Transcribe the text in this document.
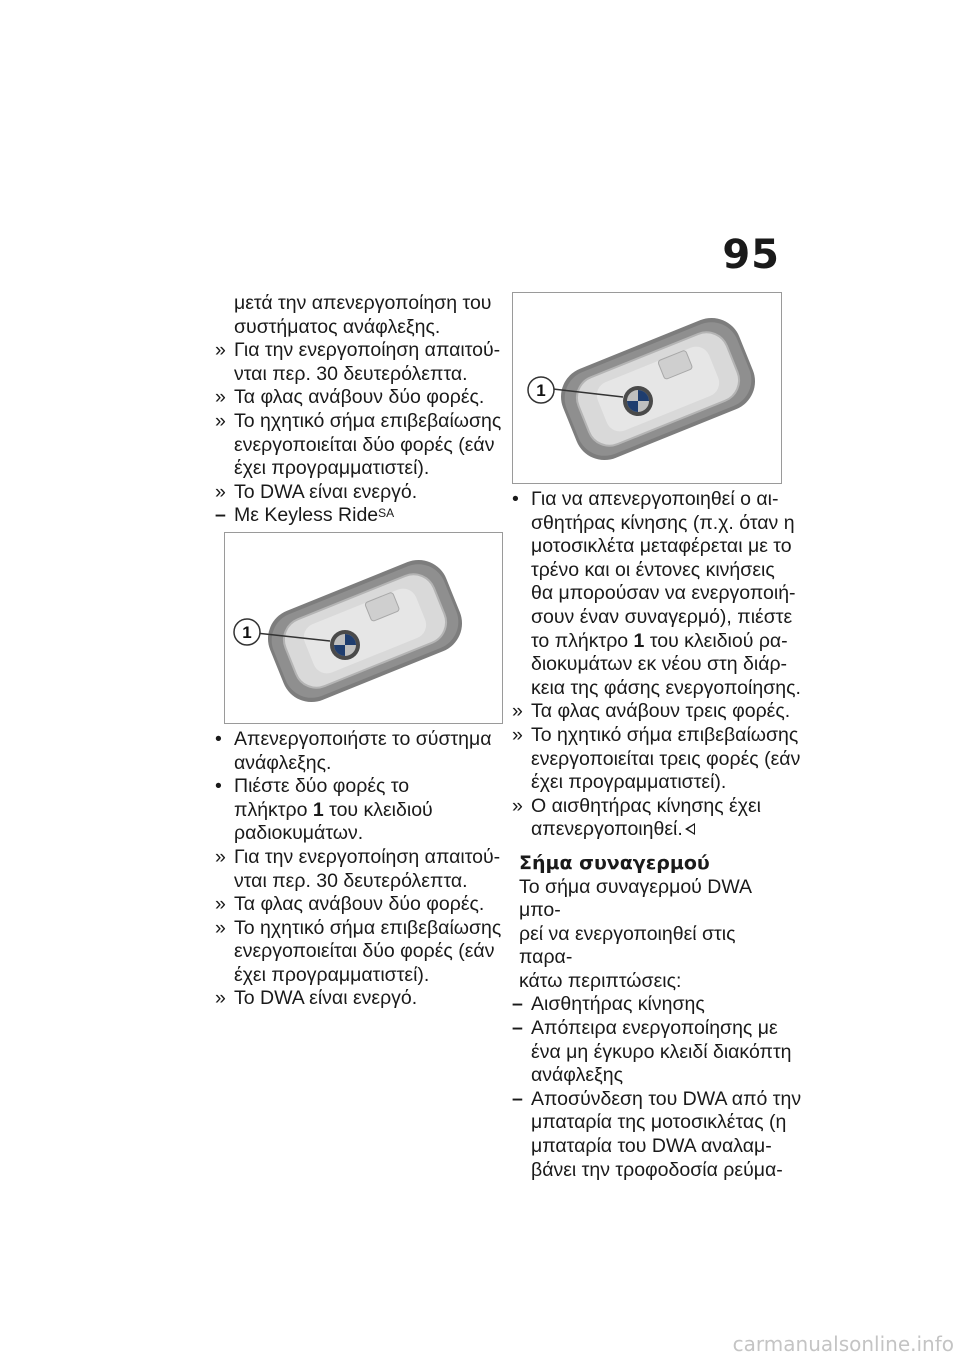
95
μετά την απενεργοποίηση του
συστήματος ανάφλεξης.
»
Για την ενεργοποίηση απαιτού-
νται περ. 30 δευτερόλεπτα.
»
Τα φλας ανάβουν δύο φορές.
»
Το ηχητικό σήμα επιβεβαίωσης
ενεργοποιείται δύο φορές (εάν
έχει προγραμματιστεί).
»
Το DWA είναι ενεργό.
–
Με Keyless Ride$^{SA}$
1
•
Απενεργοποιήστε το σύστημα
ανάφλεξης.
•
Πιέστε δύο φορές το
πλήκτρο 1 του κλειδιού
ραδιοκυμάτων.
»
Για την ενεργοποίηση απαιτού-
νται περ. 30 δευτερόλεπτα.
»
Τα φλας ανάβουν δύο φορές.
»
Το ηχητικό σήμα επιβεβαίωσης
ενεργοποιείται δύο φορές (εάν
έχει προγραμματιστεί).
»
Το DWA είναι ενεργό.
1
•
Για να απενεργοποιηθεί ο αι-
σθητήρας κίνησης (π.χ. όταν η
μοτοσικλέτα μεταφέρεται με το
τρένο και οι έντονες κινήσεις
θα μπορούσαν να ενεργοποιή-
σουν έναν συναγερμό), πιέστε
το πλήκτρο 1 του κλειδιού ρα-
διοκυμάτων εκ νέου στη διάρ-
κεια της φάσης ενεργοποίησης.
»
Τα φλας ανάβουν τρεις φορές.
»
Το ηχητικό σήμα επιβεβαίωσης
ενεργοποιείται τρεις φορές (εάν
έχει προγραμματιστεί).
»
Ο αισθητήρας κίνησης έχει
απενεργοποιηθεί.
Σήμα συναγερμού
Το σήμα συναγερμού DWA μπο-
ρεί να ενεργοποιηθεί στις παρα-
κάτω περιπτώσεις:
–
Αισθητήρας κίνησης
–
Απόπειρα ενεργοποίησης με
ένα μη έγκυρο κλειδί διακόπτη
ανάφλεξης
–
Αποσύνδεση του DWA από την
μπαταρία της μοτοσικλέτας (η
μπαταρία του DWA αναλαμ-
βάνει την τροφοδοσία ρεύμα-
carmanualsonline.info
